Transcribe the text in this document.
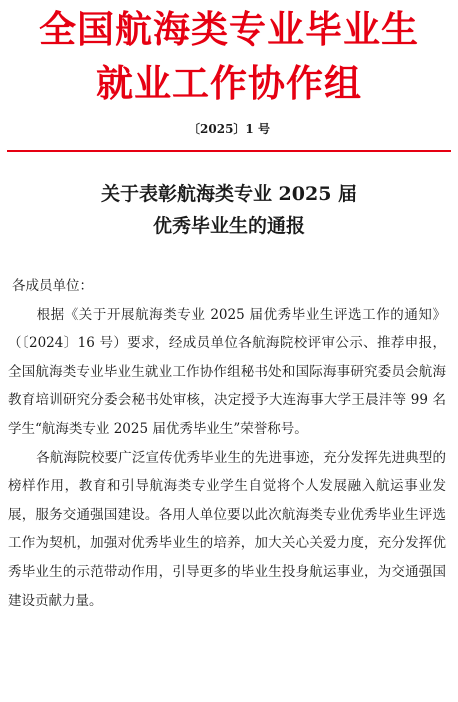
全国航海类专业毕业生
就业工作协作组
〔2025〕1 号
关于表彰航海类专业 2025 届
优秀毕业生的通报

各成员单位：

根据《关于开展航海类专业 2025 届优秀毕业生评选工作的通知》（〔2024〕16 号）要求，经成员单位各航海院校评审公示、推荐申报，全国航海类专业毕业生就业工作协作组秘书处和国际海事研究委员会航海教育培训研究分委会秘书处审核，决定授予大连海事大学王晨沣等 99 名学生“航海类专业 2025 届优秀毕业生”荣誉称号。

各航海院校要广泛宣传优秀毕业生的先进事迹，充分发挥先进典型的榜样作用，教育和引导航海类专业学生自觉将个人发展融入航运事业发展，服务交通强国建设。各用人单位要以此次航海类专业优秀毕业生评选工作为契机，加强对优秀毕业生的培养，加大关心关爱力度，充分发挥优秀毕业生的示范带动作用，引导更多的毕业生投身航运事业，为交通强国建设贡献力量。
